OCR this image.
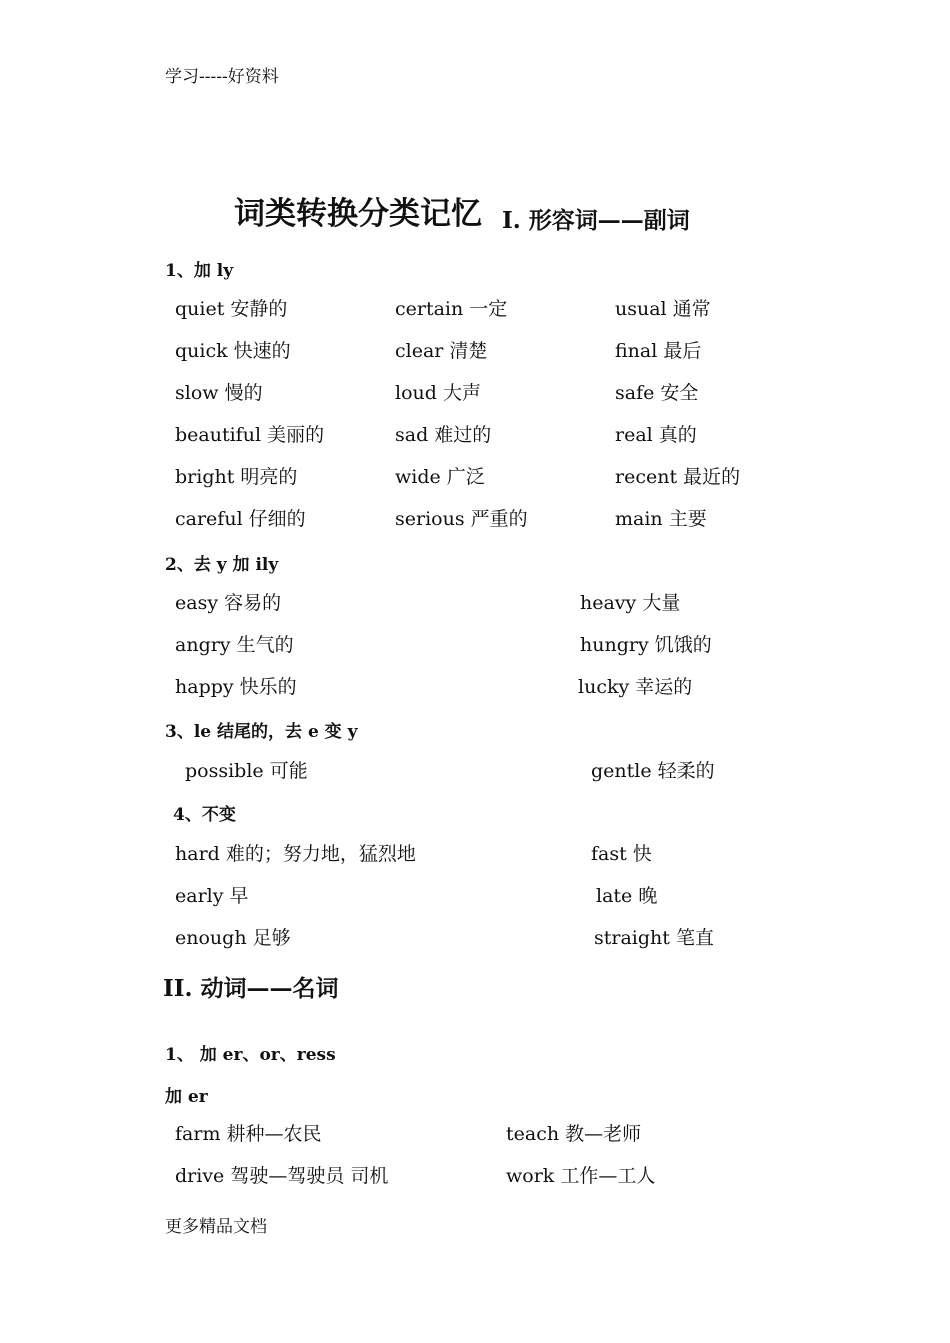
学习-----好资料
词类转换分类记忆 I. 形容词——副词
1、加 ly
quiet 安静的	certain 一定	usual 通常
quick 快速的	clear 清楚	final 最后
slow 慢的	loud 大声	safe 安全
beautiful 美丽的	sad 难过的	real 真的
bright 明亮的	wide 广泛	recent 最近的
careful 仔细的	serious 严重的	main 主要
2、去 y 加 ily
easy 容易的	heavy 大量
angry 生气的	hungry 饥饿的
happy 快乐的	lucky 幸运的
3、le 结尾的，去 e 变 y
possible 可能	gentle 轻柔的
4、不变
hard 难的；努力地，猛烈地	fast 快
early 早	late 晚
enough 足够	straight 笔直
II. 动词——名词
1、 加 er、or、ress
加 er
farm 耕种—农民	teach 教—老师
drive 驾驶—驾驶员 司机	work 工作—工人
更多精品文档
